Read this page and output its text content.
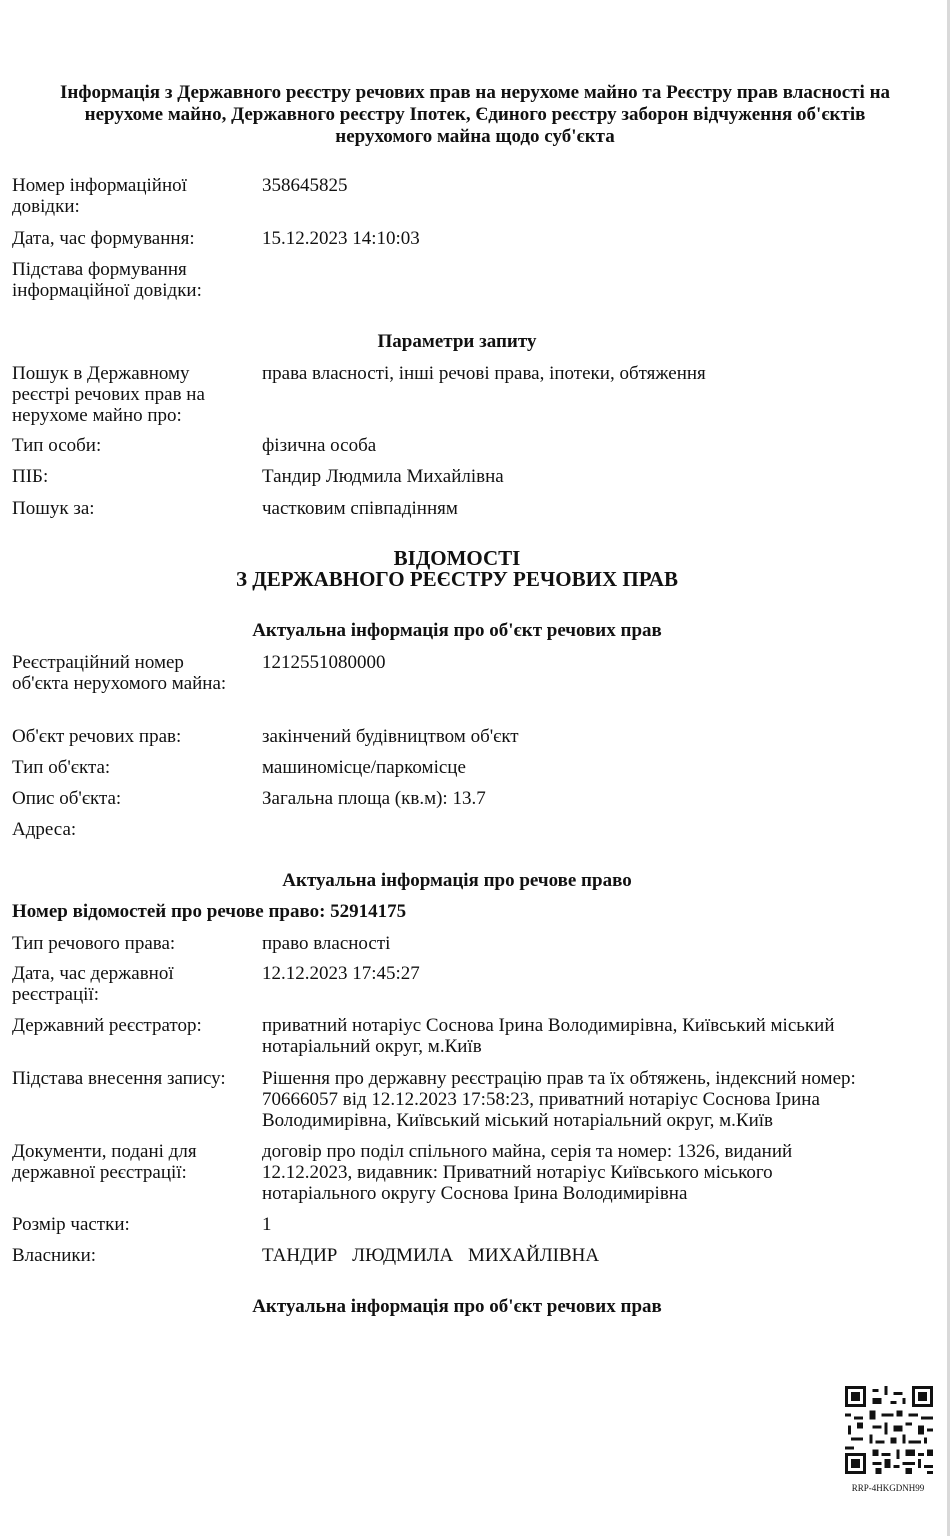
Інформація з Державного реєстру речових прав на нерухоме майно та Реєстру прав власності на нерухоме майно, Державного реєстру Іпотек, Єдиного реєстру заборон відчуження об'єктів нерухомого майна щодо суб'єкта
Номер інформаційної довідки:
358645825
Дата, час формування:	15.12.2023 14:10:03
Підстава формування інформаційної довідки:
Параметри запиту
Пошук в Державному реєстрі речових прав на нерухоме майно про:
права власності, інші речові права, іпотеки, обтяження
Тип особи:	фізична особа
ПІБ:	Тандир Людмила Михайлівна
Пошук за:	частковим співпадінням
ВІДОМОСТІ
З ДЕРЖАВНОГО РЕЄСТРУ РЕЧОВИХ ПРАВ
Актуальна інформація про об'єкт речових прав
Реєстраційний номер об'єкта нерухомого майна:
1212551080000
Об'єкт речових прав:	закінчений будівництвом об'єкт
Тип об'єкта:	машиномісце/паркомісце
Опис об'єкта:	Загальна площа (кв.м): 13.7
Адреса:
Актуальна інформація про речове право
Номер відомостей про речове право: 52914175
Тип речового права:	право власності
Дата, час державної реєстрації:
12.12.2023 17:45:27
Державний реєстратор:	приватний нотаріус Соснова Ірина Володимирівна, Київський міський нотаріальний округ, м.Київ
Підстава внесення запису:	Рішення про державну реєстрацію прав та їх обтяжень, індексний номер: 70666057 від 12.12.2023 17:58:23, приватний нотаріус Соснова Ірина Володимирівна, Київський міський нотаріальний округ, м.Київ
Документи, подані для державної реєстрації:
договір про поділ спільного майна, серія та номер: 1326, виданий 12.12.2023, видавник: Приватний нотаріус Київського міського нотаріального округу Соснова Ірина Володимирівна
Розмір частки:	1
Власники:	ТАНДИР ЛЮДМИЛА МИХАЙЛІВНА
Актуальна інформація про об'єкт речових прав
RRP-4HKGDNH99
